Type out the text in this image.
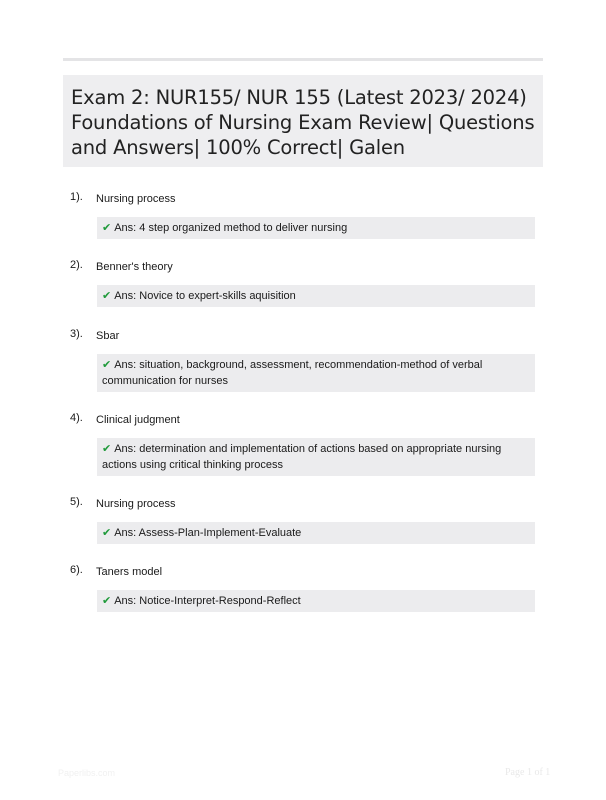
Exam 2: NUR155/ NUR 155 (Latest 2023/ 2024) Foundations of Nursing Exam Review| Questions and Answers| 100% Correct| Galen
1). Nursing process
✔ Ans: 4 step organized method to deliver nursing
2). Benner's theory
✔ Ans: Novice to expert-skills aquisition
3). Sbar
✔ Ans: situation, background, assessment, recommendation-method of verbal communication for nurses
4). Clinical judgment
✔ Ans: determination and implementation of actions based on appropriate nursing actions using critical thinking process
5). Nursing process
✔ Ans: Assess-Plan-Implement-Evaluate
6). Taners model
✔ Ans: Notice-Interpret-Respond-Reflect
Paperlibs.com	Page 1 of 1
